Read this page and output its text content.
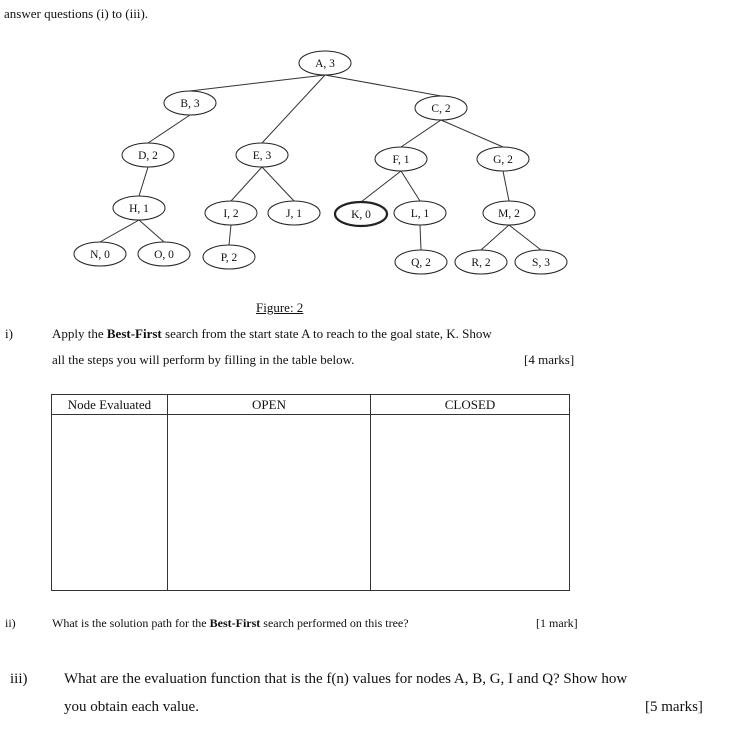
answer questions (i) to (iii).
A, 3
B, 3	C, 2
D, 2	E, 3	F, 1	G, 2
H, 1	I, 2	J, 1	K, 0	L, 1	M, 2
N, 0	O, 0	P, 2	Q, 2	R, 2	S, 3
Figure: 2
i)	Apply the Best-First search from the start state A to reach to the goal state, K. Show
all the steps you will perform by filling in the table below.	[4 marks]
Node Evaluated	OPEN	CLOSED

ii)	What is the solution path for the Best-First search performed on this tree?	[1 mark]
iii) What are the evaluation function that is the f(n) values for nodes A, B, G, I and Q? Show how
you obtain each value.	[5 marks]
